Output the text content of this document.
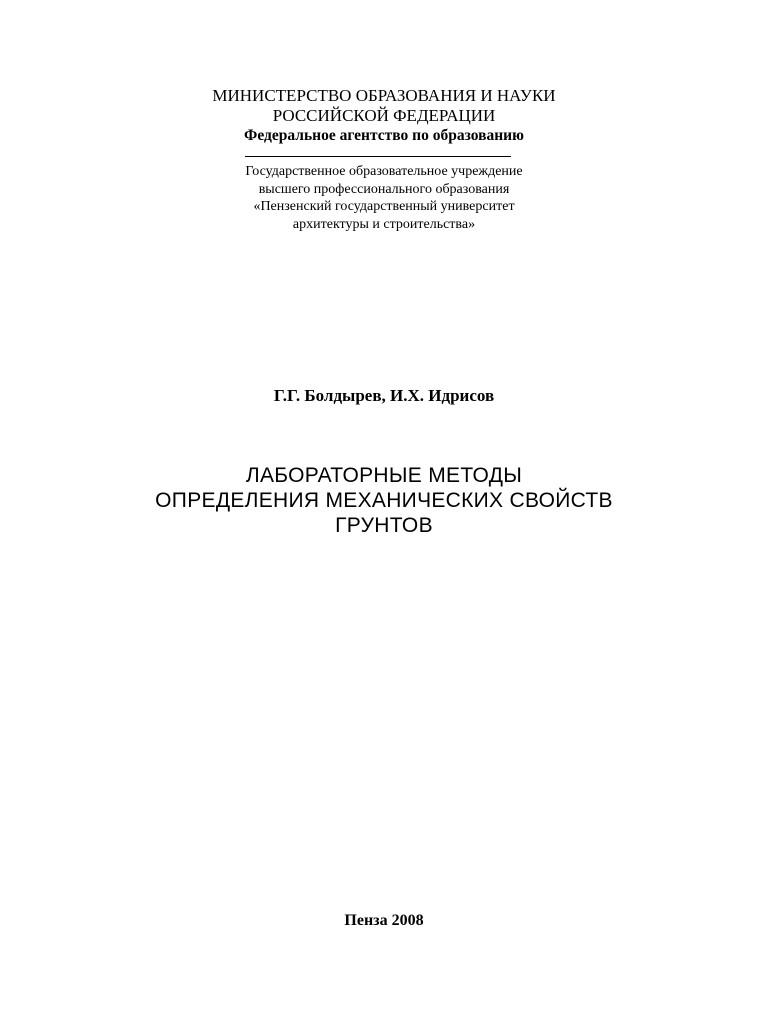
МИНИСТЕРСТВО ОБРАЗОВАНИЯ И НАУКИ
РОССИЙСКОЙ ФЕДЕРАЦИИ
Федеральное агентство по образованию
Государственное образовательное учреждение
высшего профессионального образования
«Пензенский государственный университет
архитектуры и строительства»
Г.Г. Болдырев, И.Х. Идрисов
ЛАБОРАТОРНЫЕ МЕТОДЫ
ОПРЕДЕЛЕНИЯ МЕХАНИЧЕСКИХ СВОЙСТВ
ГРУНТОВ
Пенза 2008
